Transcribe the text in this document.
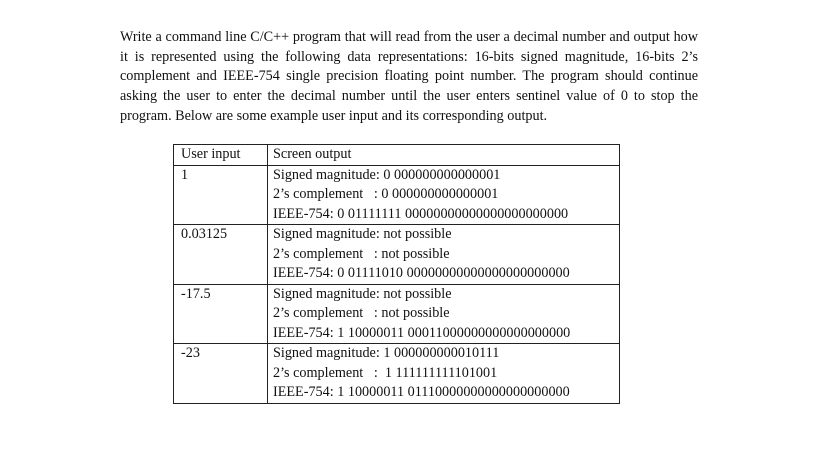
Write a command line C/C++ program that will read from the user a decimal number and output how it is represented using the following data representations: 16-bits signed magnitude, 16-bits 2’s complement and IEEE-754 single precision floating point number. The program should continue asking the user to enter the decimal number until the user enters sentinel value of 0 to stop the program. Below are some example user input and its corresponding output.

User input	Screen output

1	Signed magnitude: 0 000000000000001
2’s complement   : 0 000000000000001
IEEE-754: 0 01111111 00000000000000000000000

0.03125	Signed magnitude: not possible
2’s complement   : not possible
IEEE-754: 0 01111010 00000000000000000000000

-17.5	Signed magnitude: not possible
2’s complement   : not possible
IEEE-754: 1 10000011 00011000000000000000000

-23	Signed magnitude: 1 000000000010111
2’s complement   :  1 111111111101001
IEEE-754: 1 10000011 01110000000000000000000
